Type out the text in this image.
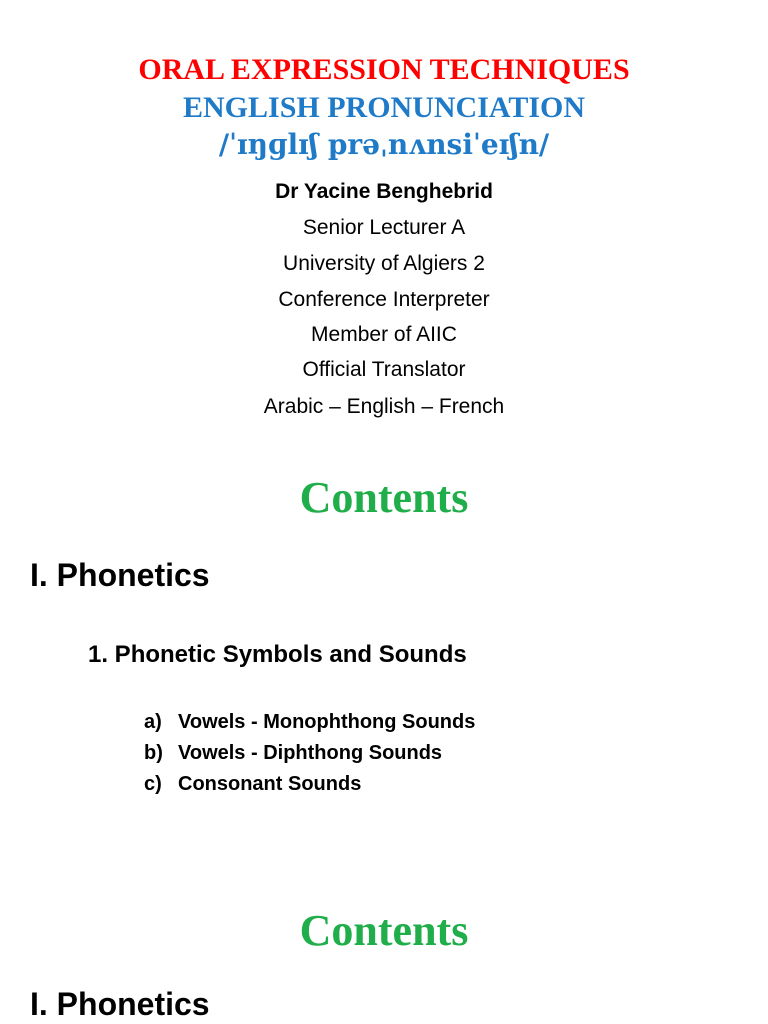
ORAL EXPRESSION TECHNIQUES
ENGLISH PRONUNCIATION
/ˈɪŋɡlɪʃ prəˌnʌnsiˈeɪʃn/
Dr Yacine Benghebrid
Senior Lecturer A
University of Algiers 2
Conference Interpreter
Member of AIIC
Official Translator
Arabic – English – French
Contents
I. Phonetics
1. Phonetic Symbols and Sounds
a) Vowels - Monophthong Sounds
b) Vowels - Diphthong Sounds
c) Consonant Sounds
Contents
I. Phonetics
